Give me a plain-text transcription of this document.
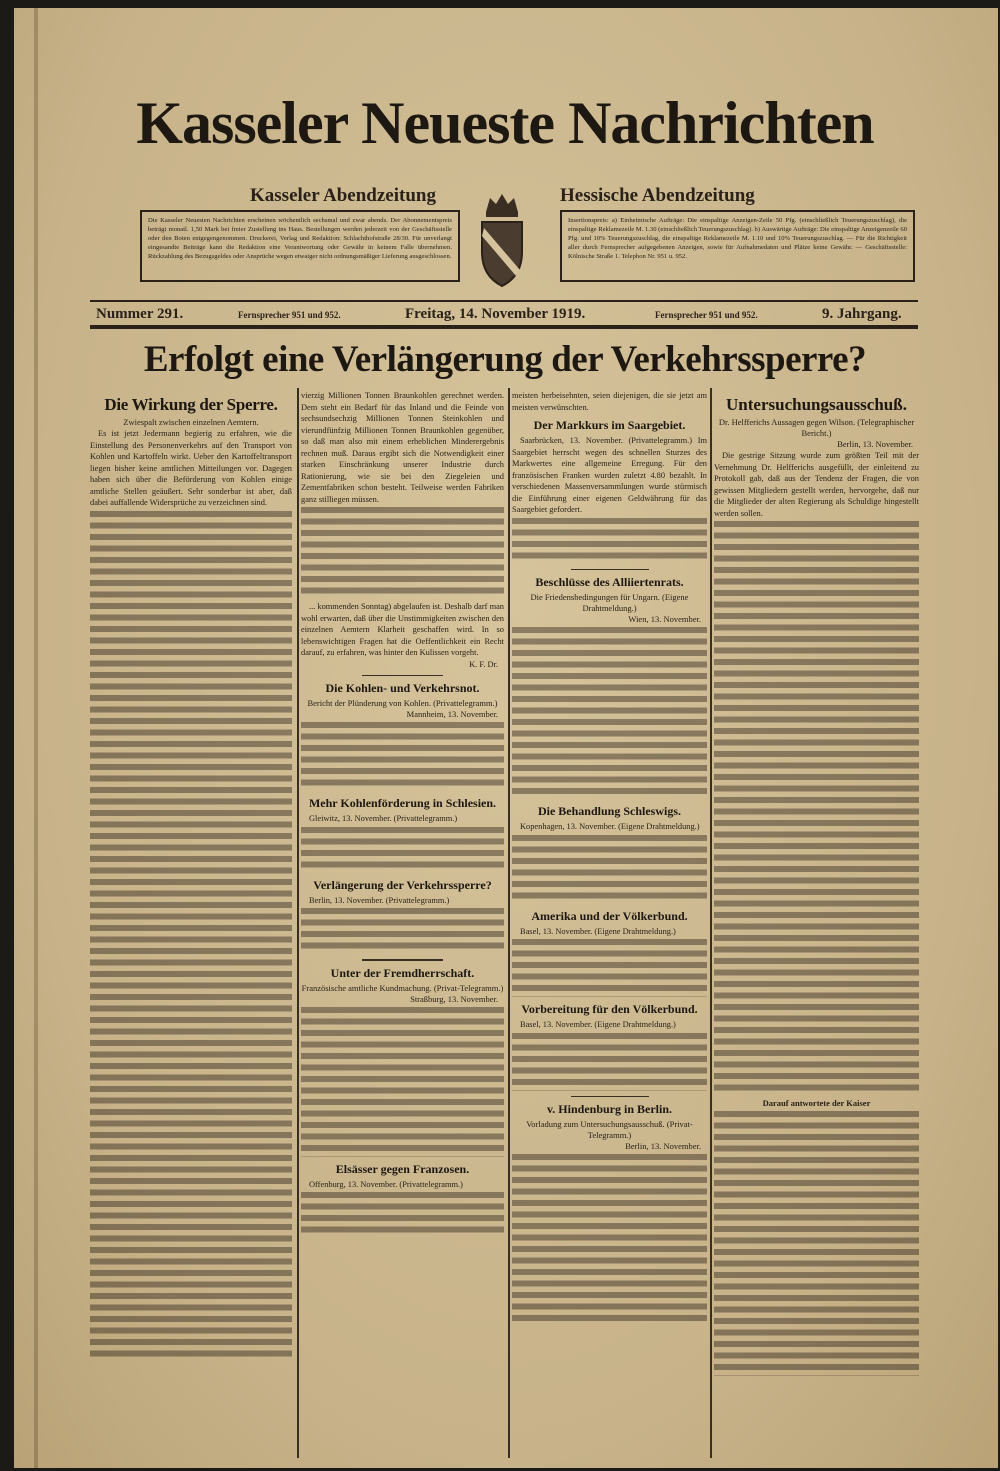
Kasseler Neueste Nachrichten
Kasseler Abendzeitung	Hessische Abendzeitung
Die Kasseler Neuesten Nachrichten erscheinen wöchentlich sechsmal und zwar abends. Der Abonnementspreis beträgt monatl. 1,50 Mark bei freier Zustellung ins Haus. Bestellungen werden jederzeit von der Geschäftsstelle oder den Boten entgegengenommen. Druckerei, Verlag und Redaktion: Schlachthofstraße 28/30. Für unverlangt eingesandte Beiträge kann die Redaktion eine Verantwortung oder Gewähr in keinem Falle übernehmen. Rückzahlung des Bezugsgeldes oder Ansprüche wegen etwaiger nicht ordnungsmäßiger Lieferung ausgeschlossen.
Insertionspreis: a) Einheimische Aufträge: Die einspaltige Anzeigen-Zeile 50 Pfg. (einschließlich Teuerungszuschlag), die einspaltige Reklamezeile M. 1.30 (einschließlich Teuerungszuschlag). b) Auswärtige Aufträge: Die einspaltige Anzeigenzeile 60 Pfg. und 10% Teuerungszuschlag, die einspaltige Reklamezeile M. 1.10 und 10% Teuerungszuschlag. — Für die Richtigkeit aller durch Fernsprecher aufgegebenen Anzeigen, sowie für Aufnahmedaten und Plätze keine Gewähr. — Geschäftsstelle: Kölnische Straße 1. Telephon Nr. 951 u. 952.
Nummer 291.	Fernsprecher 951 und 952.	Freitag, 14. November 1919.	Fernsprecher 951 und 952.	9. Jahrgang.
Erfolgt eine Verlängerung der Verkehrssperre?
Die Wirkung der Sperre.
Zwiespalt zwischen einzelnen Aemtern.

Es ist jetzt Jedermann begierig zu erfahren, wie die Einstellung des Personenverkehrs auf den Transport von Kohlen und Kartoffeln wirkt. Ueber den Kartoffeltransport liegen bisher keine amtlichen Mitteilungen vor. Dagegen haben sich über die Beförderung von Kohlen einige amtliche Stellen geäußert. Sehr sonderbar ist aber, daß dabei auffallende Widersprüche zu verzeichnen sind.

vierzig Millionen Tonnen Braunkohlen gerechnet werden. Dem steht ein Bedarf für das Inland und die Feinde von sechsundsechzig Millionen Tonnen Steinkohlen und vierundfünfzig Millionen Tonnen Braunkohlen gegenüber, so daß man also mit einem erheblichen Minderergebnis rechnen muß. Daraus ergibt sich die Notwendigkeit einer starken Einschränkung unserer Industrie durch Rationierung, wie sie bei den Ziegeleien und Zementfabriken schon besteht. Teilweise werden Fabriken ganz stilliegen müssen.

... kommenden Sonntag) abgelaufen ist. Deshalb darf man wohl erwarten, daß über die Unstimmigkeiten zwischen den einzelnen Aemtern Klarheit geschaffen wird. In so lebenswichtigen Fragen hat die Oeffentlichkeit ein Recht darauf, zu erfahren, was hinter den Kulissen vorgeht.

K. F. Dr.
Die Kohlen- und Verkehrsnot.
Bericht der Plünderung von Kohlen. (Privattelegramm.)
Mannheim, 13. November.
Mehr Kohlenförderung in Schlesien.

Gleiwitz, 13. November. (Privattelegramm.)

Verlängerung der Verkehrssperre?

Berlin, 13. November. (Privattelegramm.)

Unter der Fremdherrschaft.
Französische amtliche Kundmachung. (Privat-Telegramm.)
Straßburg, 13. November.
Elsässer gegen Franzosen.

Offenburg, 13. November. (Privattelegramm.)

meisten herbeisehnten, seien diejenigen, die sie jetzt am meisten verwünschten.

Der Markkurs im Saargebiet.

Saarbrücken, 13. November. (Privattelegramm.) Im Saargebiet herrscht wegen des schnellen Sturzes des Markwertes eine allgemeine Erregung. Für den französischen Franken wurden zuletzt 4.80 bezahlt. In verschiedenen Massenversammlungen wurde stürmisch die Einführung einer eigenen Geldwährung für das Saargebiet gefordert.

Beschlüsse des Alliiertenrats.
Die Friedensbedingungen für Ungarn. (Eigene Drahtmeldung.)
Wien, 13. November.
Die Behandlung Schleswigs.

Kopenhagen, 13. November. (Eigene Drahtmeldung.)

Amerika und der Völkerbund.

Basel, 13. November. (Eigene Drahtmeldung.)

Vorbereitung für den Völkerbund.

Basel, 13. November. (Eigene Drahtmeldung.)

v. Hindenburg in Berlin.
Vorladung zum Untersuchungsausschuß. (Privat-Telegramm.)
Berlin, 13. November.
Untersuchungsausschuß.
Dr. Helfferichs Aussagen gegen Wilson. (Telegraphischer Bericht.)
Berlin, 13. November.

Die gestrige Sitzung wurde zum größten Teil mit der Vernehmung Dr. Helfferichs ausgefüllt, der einleitend zu Protokoll gab, daß aus der Tendenz der Fragen, die von gewissen Mitgliedern gestellt werden, hervorgehe, daß nur die Mitglieder der alten Regierung als Schuldige hingestellt werden sollen.

Darauf antwortete der Kaiser
